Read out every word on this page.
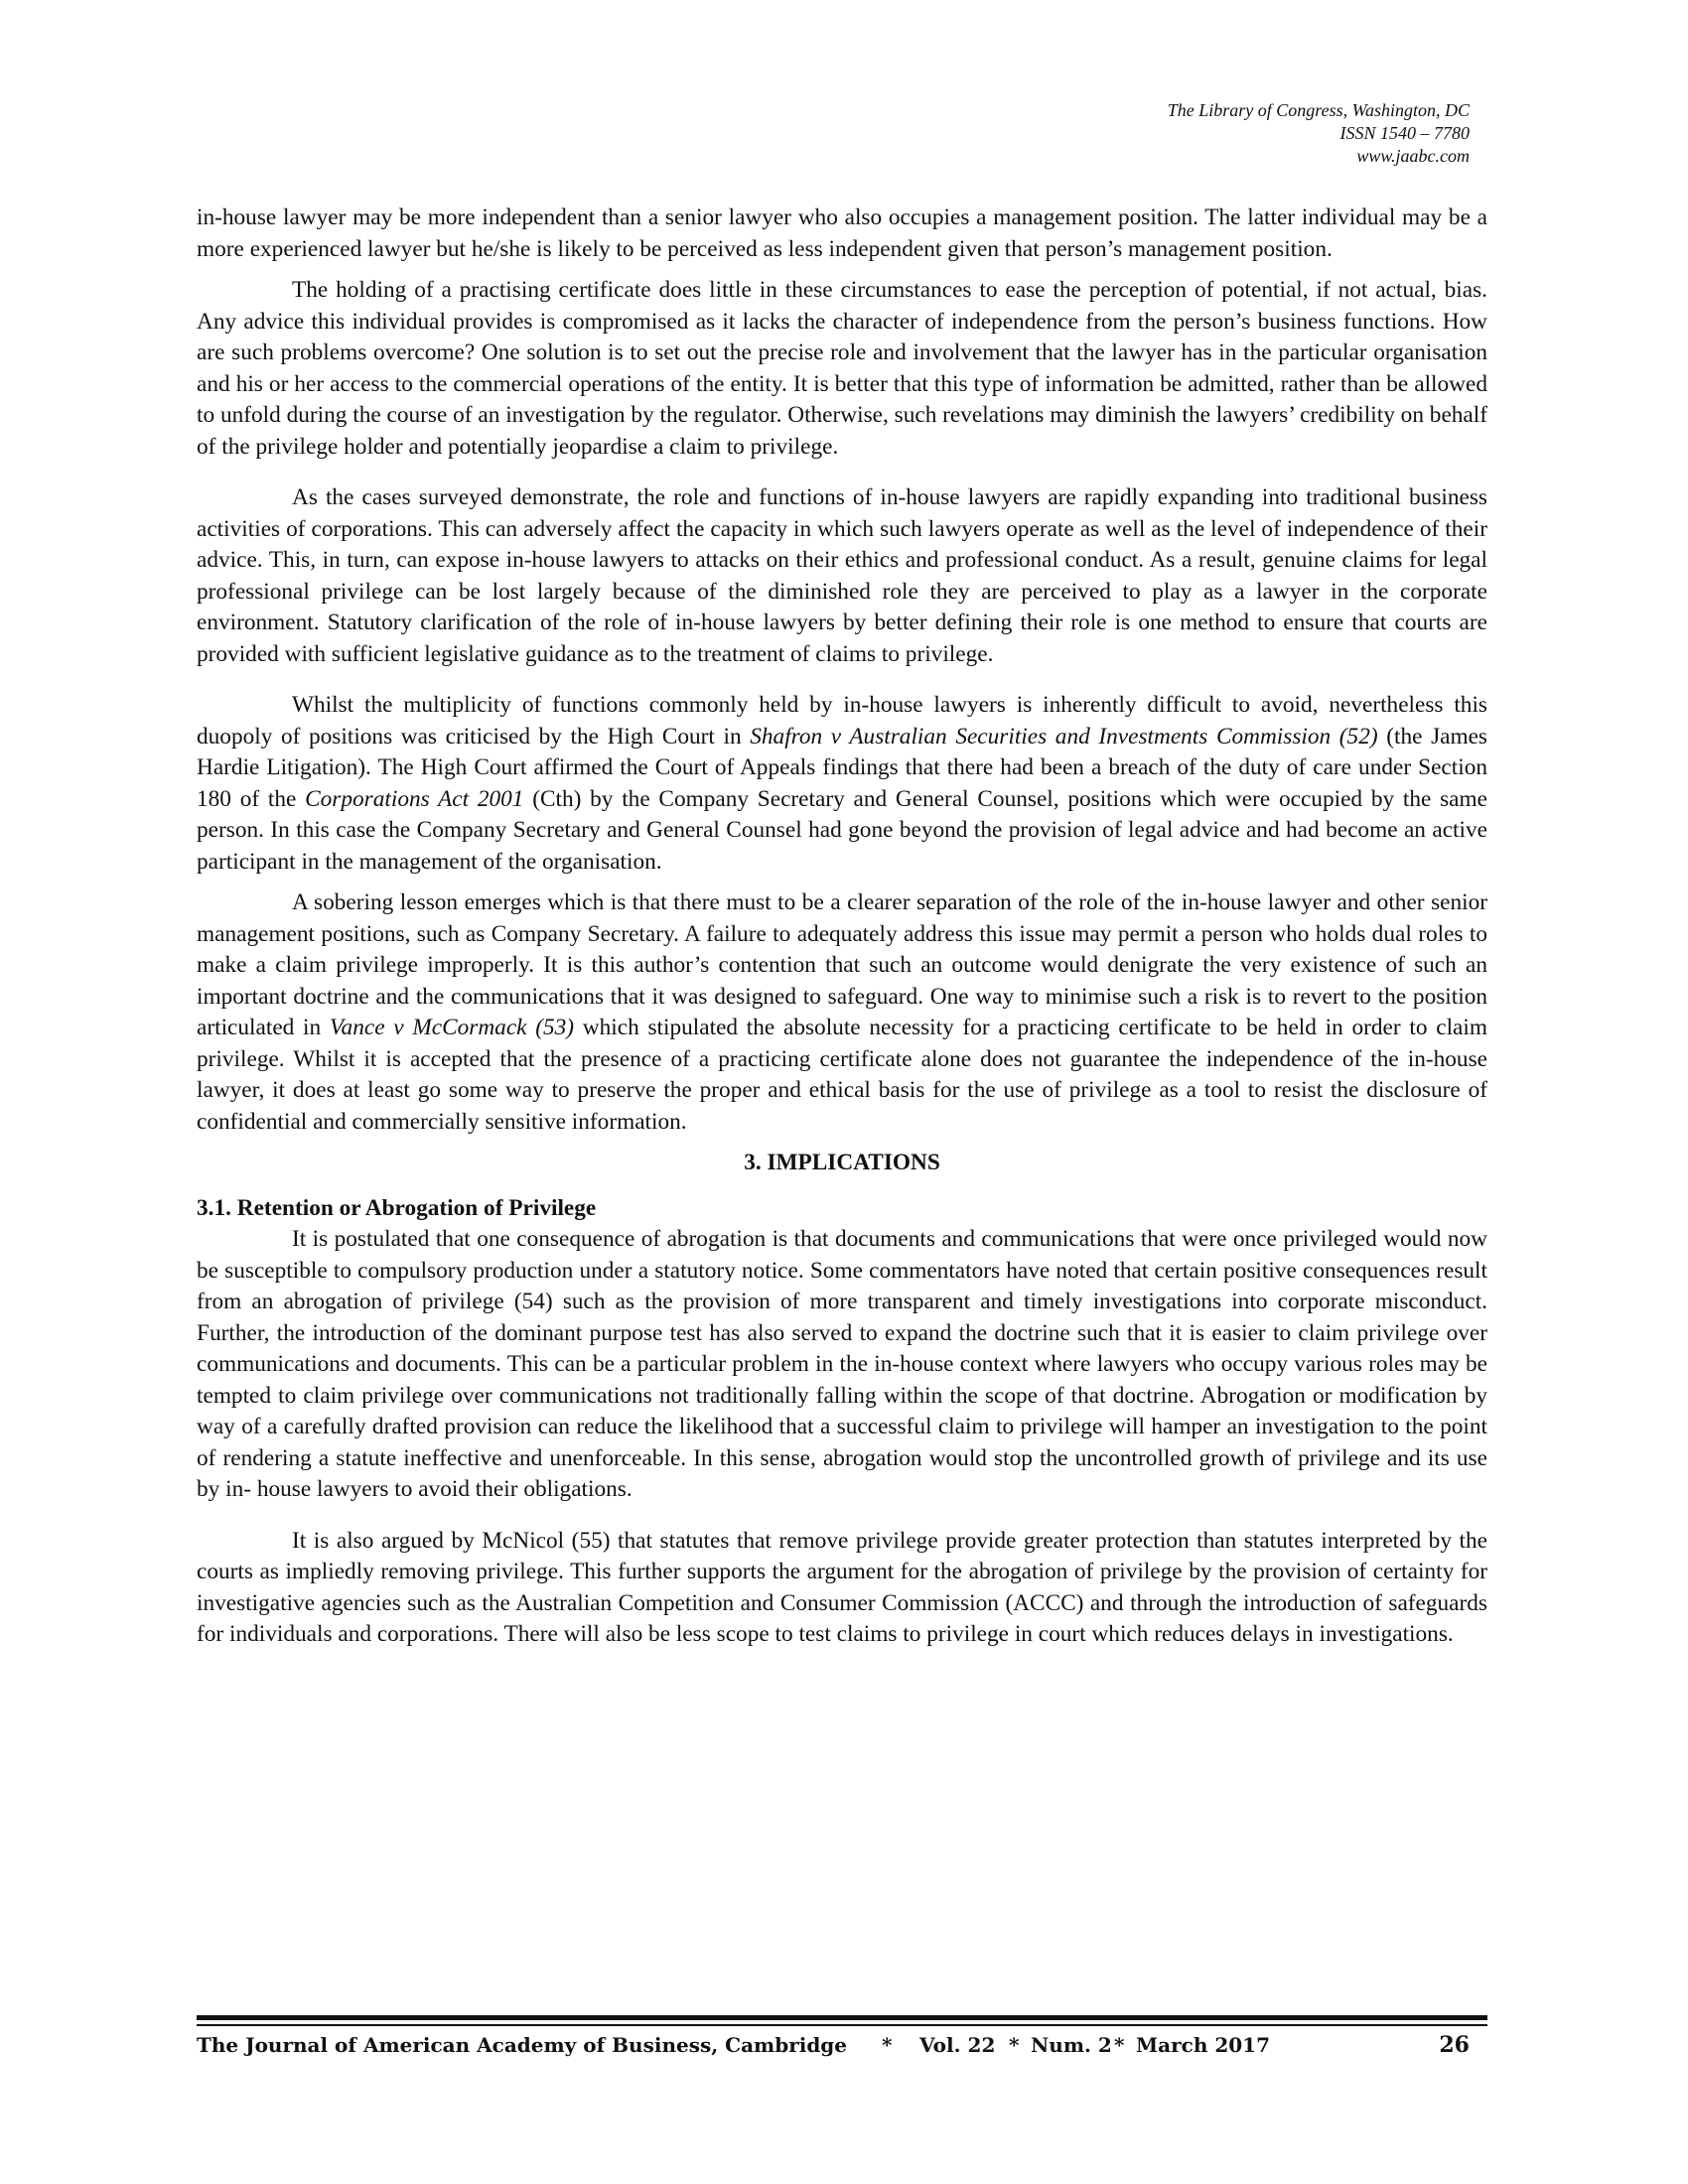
The Library of Congress, Washington, DC
ISSN 1540 – 7780
www.jaabc.com

in-house lawyer may be more independent than a senior lawyer who also occupies a management position. The latter individual may be a more experienced lawyer but he/she is likely to be perceived as less independent given that person’s management position.

The holding of a practising certificate does little in these circumstances to ease the perception of potential, if not actual, bias. Any advice this individual provides is compromised as it lacks the character of independence from the person’s business functions. How are such problems overcome? One solution is to set out the precise role and involvement that the lawyer has in the particular organisation and his or her access to the commercial operations of the entity. It is better that this type of information be admitted, rather than be allowed to unfold during the course of an investigation by the regulator. Otherwise, such revelations may diminish the lawyers’ credibility on behalf of the privilege holder and potentially jeopardise a claim to privilege.

As the cases surveyed demonstrate, the role and functions of in-house lawyers are rapidly expanding into traditional business activities of corporations. This can adversely affect the capacity in which such lawyers operate as well as the level of independence of their advice. This, in turn, can expose in-house lawyers to attacks on their ethics and professional conduct. As a result, genuine claims for legal professional privilege can be lost largely because of the diminished role they are perceived to play as a lawyer in the corporate environment. Statutory clarification of the role of in-house lawyers by better defining their role is one method to ensure that courts are provided with sufficient legislative guidance as to the treatment of claims to privilege.

Whilst the multiplicity of functions commonly held by in-house lawyers is inherently difficult to avoid, nevertheless this duopoly of positions was criticised by the High Court in Shafron v Australian Securities and Investments Commission (52) (the James Hardie Litigation). The High Court affirmed the Court of Appeals findings that there had been a breach of the duty of care under Section 180 of the Corporations Act 2001 (Cth) by the Company Secretary and General Counsel, positions which were occupied by the same person. In this case the Company Secretary and General Counsel had gone beyond the provision of legal advice and had become an active participant in the management of the organisation.

A sobering lesson emerges which is that there must to be a clearer separation of the role of the in-house lawyer and other senior management positions, such as Company Secretary. A failure to adequately address this issue may permit a person who holds dual roles to make a claim privilege improperly. It is this author’s contention that such an outcome would denigrate the very existence of such an important doctrine and the communications that it was designed to safeguard. One way to minimise such a risk is to revert to the position articulated in Vance v McCormack (53) which stipulated the absolute necessity for a practicing certificate to be held in order to claim privilege. Whilst it is accepted that the presence of a practicing certificate alone does not guarantee the independence of the in-house lawyer, it does at least go some way to preserve the proper and ethical basis for the use of privilege as a tool to resist the disclosure of confidential and commercially sensitive information.

3. IMPLICATIONS
3.1. Retention or Abrogation of Privilege

It is postulated that one consequence of abrogation is that documents and communications that were once privileged would now be susceptible to compulsory production under a statutory notice. Some commentators have noted that certain positive consequences result from an abrogation of privilege (54) such as the provision of more transparent and timely investigations into corporate misconduct. Further, the introduction of the dominant purpose test has also served to expand the doctrine such that it is easier to claim privilege over communications and documents. This can be a particular problem in the in-house context where lawyers who occupy various roles may be tempted to claim privilege over communications not traditionally falling within the scope of that doctrine. Abrogation or modification by way of a carefully drafted provision can reduce the likelihood that a successful claim to privilege will hamper an investigation to the point of rendering a statute ineffective and unenforceable. In this sense, abrogation would stop the uncontrolled growth of privilege and its use by in- house lawyers to avoid their obligations.

It is also argued by McNicol (55) that statutes that remove privilege provide greater protection than statutes interpreted by the courts as impliedly removing privilege. This further supports the argument for the abrogation of privilege by the provision of certainty for investigative agencies such as the Australian Competition and Consumer Commission (ACCC) and through the introduction of safeguards for individuals and corporations. There will also be less scope to test claims to privilege in court which reduces delays in investigations.

The Journal of American Academy of Business, Cambridge * Vol. 22 * Num. 2 * March 2017	26
